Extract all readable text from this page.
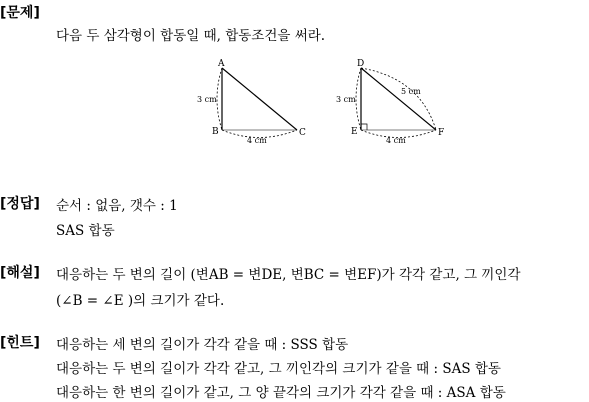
[문제]
다음 두 삼각형이 합동일 때, 합동조건을 써라.
A
B	C
3 cm
4 cm
D
E	F
3 cm
5 cm
4 cm
[정답] 순서 : 없음, 갯수 : 1
SAS 합동
[해설] 대응하는 두 변의 길이 (변AB = 변DE, 변BC = 변EF)가 각각 같고, 그 끼인각
(∠B = ∠E )의 크기가 같다.
[힌트] 대응하는 세 변의 길이가 각각 같을 때 : SSS 합동
대응하는 두 변의 길이가 각각 같고, 그 끼인각의 크기가 같을 때 : SAS 합동
대응하는 한 변의 길이가 같고, 그 양 끝각의 크기가 각각 같을 때 : ASA 합동
